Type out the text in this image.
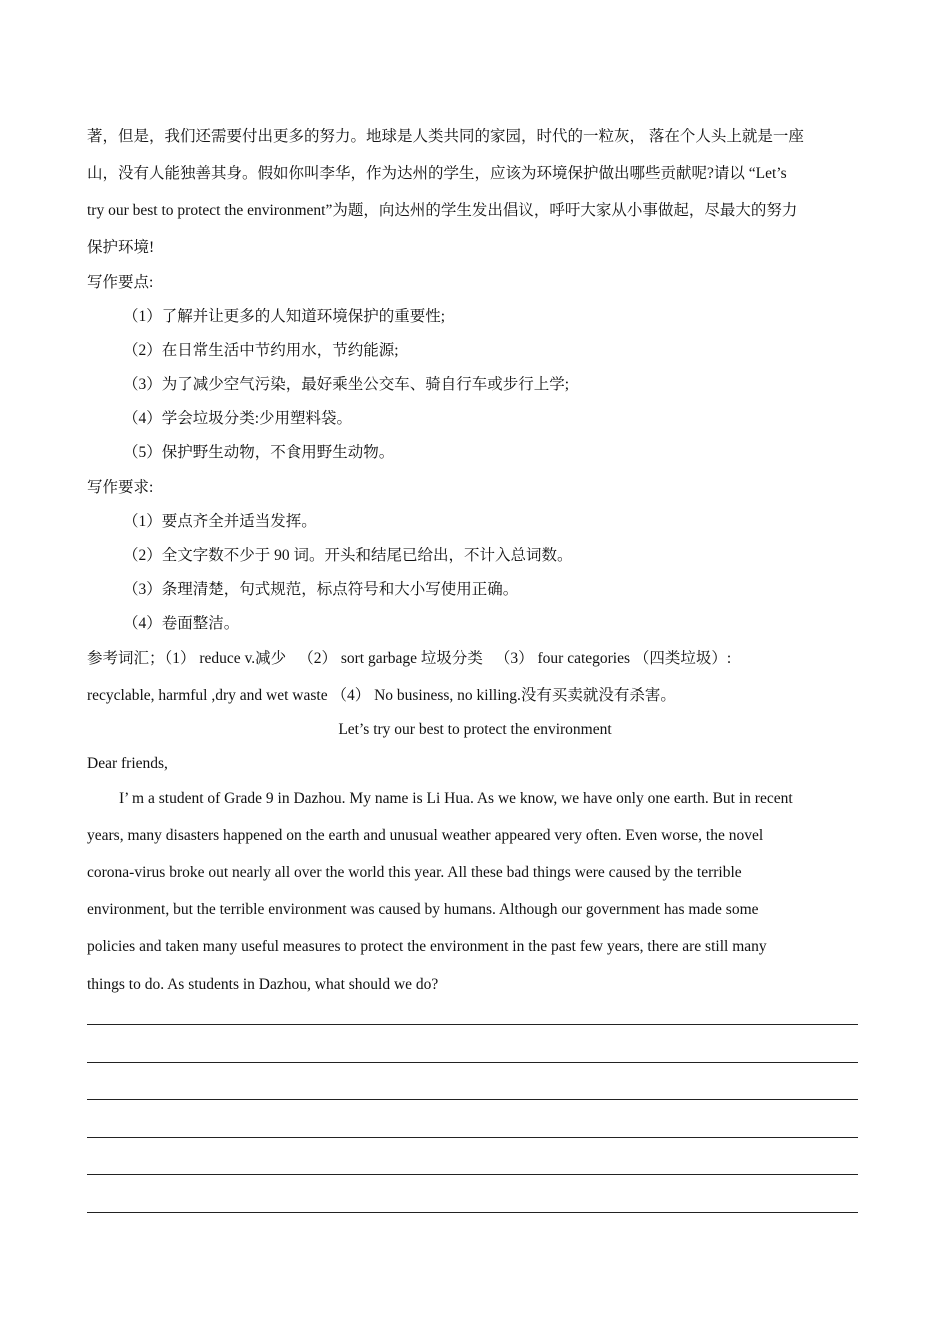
著，但是，我们还需要付出更多的努力。地球是人类共同的家园，时代的一粒灰， 落在个人头上就是一座
山，没有人能独善其身。假如你叫李华，作为达州的学生，应该为环境保护做出哪些贡献呢?请以 “Let’s
try our best to protect the environment”为题，向达州的学生发出倡议，呼吁大家从小事做起，尽最大的努力
保护环境!
写作要点:
（1）了解并让更多的人知道环境保护的重要性;
（2）在日常生活中节约用水，节约能源;
（3）为了减少空气污染，最好乘坐公交车、骑自行车或步行上学;
（4）学会垃圾分类:少用塑料袋。
（5）保护野生动物，不食用野生动物。
写作要求:
（1）要点齐全并适当发挥。
（2）全文字数不少于 90 词。开头和结尾已给出，不计入总词数。
（3）条理清楚，句式规范，标点符号和大小写使用正确。
（4）卷面整洁。
参考词汇；（1） reduce v.减少 （2） sort garbage 垃圾分类 （3） four categories （四类垃圾）:
recyclable, harmful ,dry and wet waste （4） No business, no killing.没有买卖就没有杀害。
Let’s try our best to protect the environment
Dear friends,
I’ m a student of Grade 9 in Dazhou. My name is Li Hua. As we know, we have only one earth. But in recent
years, many disasters happened on the earth and unusual weather appeared very often. Even worse, the novel
corona-virus broke out nearly all over the world this year. All these bad things were caused by the terrible
environment, but the terrible environment was caused by humans. Although our government has made some
policies and taken many useful measures to protect the environment in the past few years, there are still many
things to do. As students in Dazhou, what should we do?
